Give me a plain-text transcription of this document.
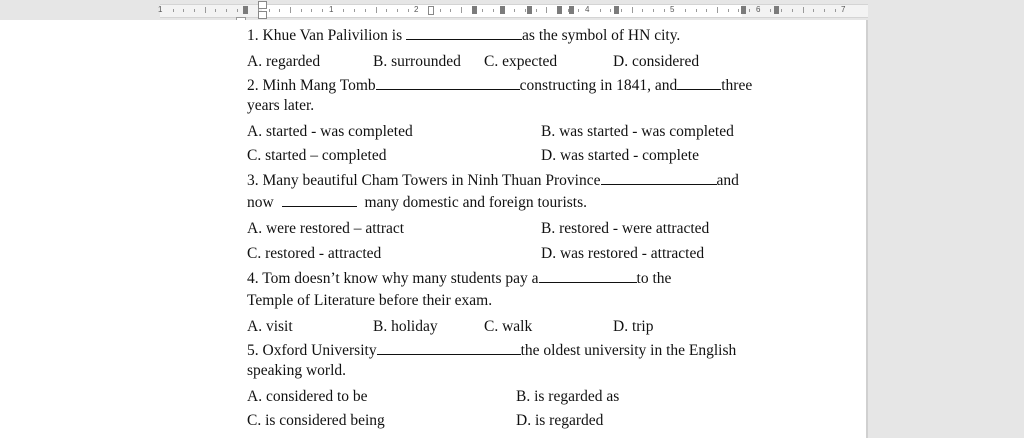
1	1	2	4	5	6	7
1. Khue Van Palivilion is	as the symbol of HN city.
A. regarded	B. surrounded C. expected	D. considered
2. Minh Mang Tomb	constructing in 1841, and	three
years later.
A. started - was completed	B. was started - was completed
C. started – completed	D. was started - complete
3. Many beautiful Cham Towers in Ninh Thuan Province	and
now	many domestic and foreign tourists.
A. were restored – attract	B. restored - were attracted
C. restored - attracted	D. was restored - attracted
4. Tom doesn’t know why many students pay a	to the
Temple of Literature before their exam.
A. visit	B. holiday	C. walk	D. trip
5. Oxford University	the oldest university in the English
speaking world.
A. considered to be	B. is regarded as
C. is considered being	D. is regarded
